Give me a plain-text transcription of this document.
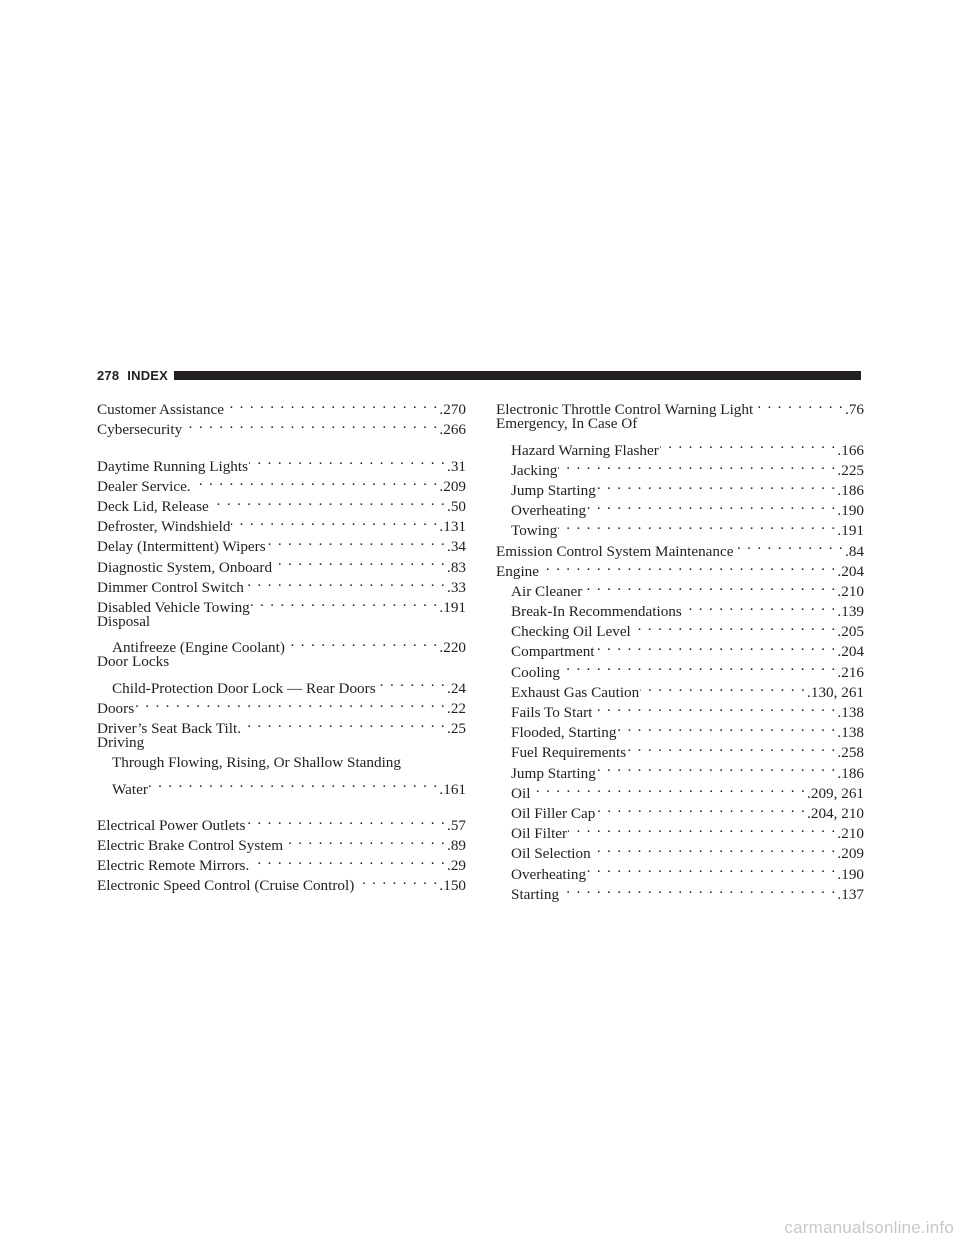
278 INDEX
Customer Assistance . . .	.270
Cybersecurity . . .	.266
Daytime Running Lights . . .	.31
Dealer Service. . . .	.209
Deck Lid, Release . . .	.50
Defroster, Windshield . . .	.131
Delay (Intermittent) Wipers . . .	.34
Diagnostic System, Onboard . . .	.83
Dimmer Control Switch . . .	.33
Disabled Vehicle Towing . . .	.191
Disposal
Antifreeze (Engine Coolant) . . .	.220
Door Locks
Child-Protection Door Lock — Rear Doors . . .	.24
Doors . . .	.22
Driver’s Seat Back Tilt. . . .	.25
Driving
Through Flowing, Rising, Or Shallow Standing
Water . . .	.161
Electrical Power Outlets . . .	.57
Electric Brake Control System . . .	.89
Electric Remote Mirrors. . . .	.29
Electronic Speed Control (Cruise Control) . . .	.150
Electronic Throttle Control Warning Light . . .	.76
Emergency, In Case Of
Hazard Warning Flasher . . .	.166
Jacking . . .	.225
Jump Starting . . .	.186
Overheating . . .	.190
Towing . . .	.191
Emission Control System Maintenance . . .	.84
Engine . . .	.204
Air Cleaner . . .	.210
Break-In Recommendations . . .	.139
Checking Oil Level . . .	.205
Compartment . . .	.204
Cooling . . .	.216
Exhaust Gas Caution . . .	.130, 261
Fails To Start . . .	.138
Flooded, Starting . . .	.138
Fuel Requirements . . .	.258
Jump Starting . . .	.186
Oil . . .	.209, 261
Oil Filler Cap . . .	.204, 210
Oil Filter . . .	.210
Oil Selection . . .	.209
Overheating . . .	.190
Starting . . .	.137
carmanualsonline.info
